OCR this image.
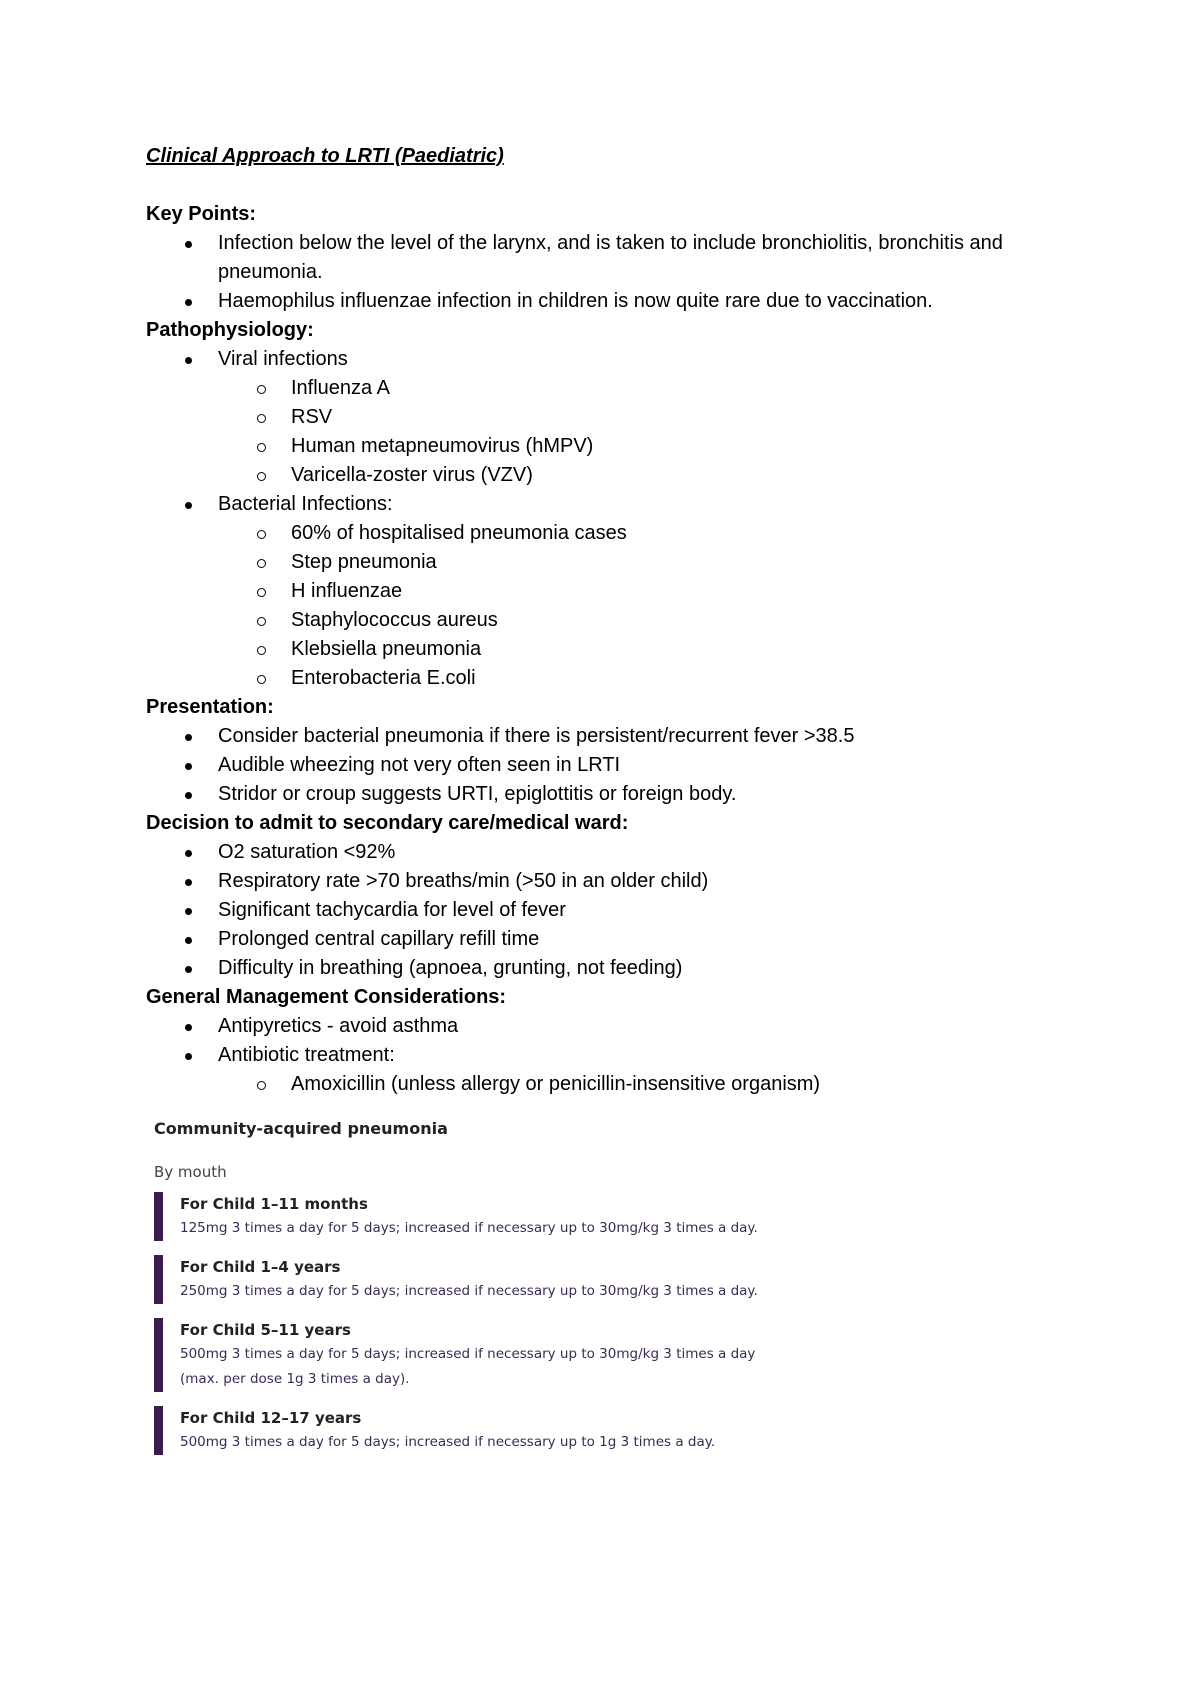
Clinical Approach to LRTI (Paediatric)
Key Points:
Infection below the level of the larynx, and is taken to include bronchiolitis, bronchitis and pneumonia.
Haemophilus influenzae infection in children is now quite rare due to vaccination.
Pathophysiology:
Viral infections
Influenza A
RSV
Human metapneumovirus (hMPV)
Varicella-zoster virus (VZV)
Bacterial Infections:
60% of hospitalised pneumonia cases
Step pneumonia
H influenzae
Staphylococcus aureus
Klebsiella pneumonia
Enterobacteria E.coli
Presentation:
Consider bacterial pneumonia if there is persistent/recurrent fever >38.5
Audible wheezing not very often seen in LRTI
Stridor or croup suggests URTI, epiglottitis or foreign body.
Decision to admit to secondary care/medical ward:
O2 saturation <92%
Respiratory rate >70 breaths/min (>50 in an older child)
Significant tachycardia for level of fever
Prolonged central capillary refill time
Difficulty in breathing (apnoea, grunting, not feeding)
General Management Considerations:
Antipyretics - avoid asthma
Antibiotic treatment:
Amoxicillin (unless allergy or penicillin-insensitive organism)
Community-acquired pneumonia
By mouth
For Child 1–11 months
125mg 3 times a day for 5 days; increased if necessary up to 30mg/kg 3 times a day.
For Child 1–4 years
250mg 3 times a day for 5 days; increased if necessary up to 30mg/kg 3 times a day.
For Child 5–11 years
500mg 3 times a day for 5 days; increased if necessary up to 30mg/kg 3 times a day (max. per dose 1g 3 times a day).
For Child 12–17 years
500mg 3 times a day for 5 days; increased if necessary up to 1g 3 times a day.
